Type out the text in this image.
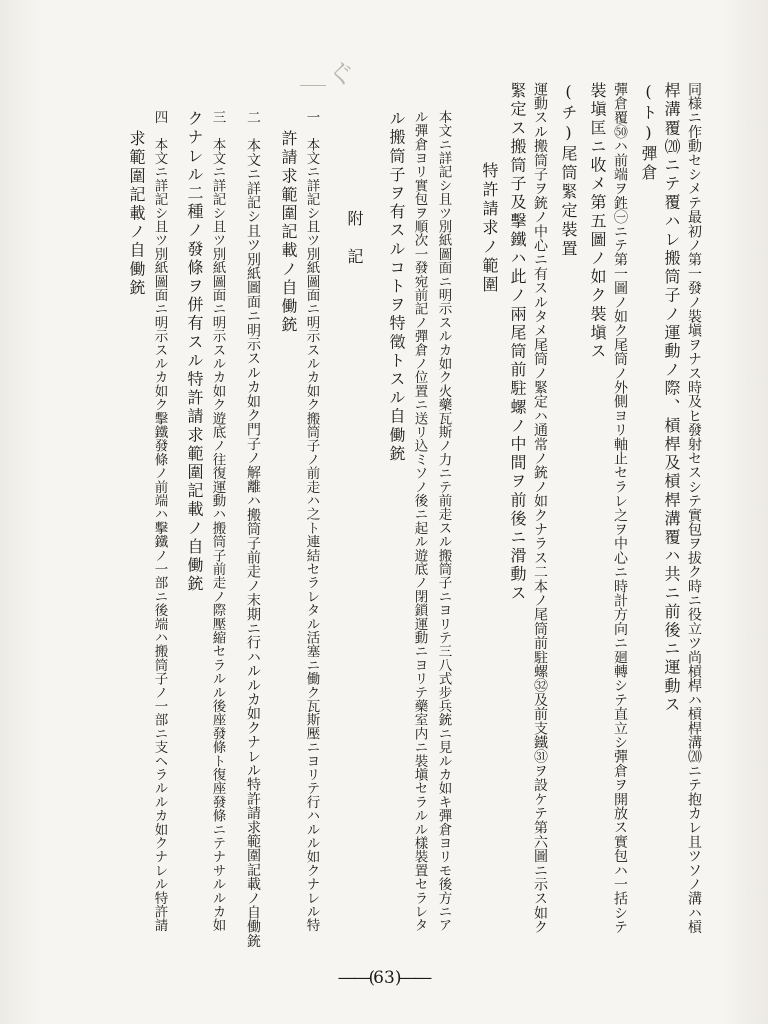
＿ぐ
同様ニ作動セシメテ最初ノ第一發ノ裝塡ヲナス時及ヒ發射セスシテ實包ヲ拔ク時ニ役立ツ尚槓桿ハ槓桿溝⒇ニテ抱カレ且ツソノ溝ハ槓
桿溝覆⒇ニテ覆ハレ搬筒子ノ運動ノ際、槓桿及槓桿溝覆ハ共ニ前後ニ運動ス
(ト)彈倉
彈倉覆㊿ハ前端ヲ鉎㊀ニテ第一圖ノ如ク尾筒ノ外側ヨリ軸止セラレ之ヲ中心ニ時計方向ニ廻轉シテ直立シ彈倉ヲ開放ス實包ハ一括シテ
裝塡匡ニ收メ第五圖ノ如ク裝塡ス
(チ)尾筒緊定裝置
運動スル搬筒子ヲ銃ノ中心ニ有スルタメ尾筒ノ緊定ハ通常ノ銃ノ如クナラス二本ノ尾筒前駐螺㉜及前支鐵㉛ヲ設ケテ第六圖ニ示ス如ク
緊定ス搬筒子及擊鐵ハ此ノ兩尾筒前駐螺ノ中間ヲ前後ニ滑動ス
特許請求ノ範圍
本文ニ詳記シ且ツ別紙圖面ニ明示スルカ如ク火藥瓦斯ノ力ニテ前走スル搬筒子ニヨリテ三八式步兵銃ニ見ルカ如キ彈倉ヨリモ後方ニア
ル彈倉ヨリ實包ヲ順次一發宛前記ノ彈倉ノ位置ニ送リ込ミソノ後ニ起ル遊底ノ閉鎖運動ニヨリテ藥室内ニ裝塡セラルル樣裝置セラレタ
ル搬筒子ヲ有スルコトヲ特徵トスル自働銃
附　記
一　本文ニ詳記シ且ツ別紙圖面ニ明示スルカ如ク搬筒子ノ前走ハ之ト連結セラレタル活塞ニ働ク瓦斯壓ニヨリテ行ハルル如クナレル特
許請求範圍記載ノ自働銃
二　本文ニ詳記シ且ツ別紙圖面ニ明示スルカ如ク門子ノ解離ハ搬筒子前走ノ末期ニ行ハルルカ如クナレル特許請求範圍記載ノ自働銃
三　本文ニ詳記シ且ツ別紙圖面ニ明示スルカ如ク遊底ノ往復運動ハ搬筒子前走ノ際壓縮セラルル後座發條ト復座發條ニテナサルルカ如
クナレル二種ノ發條ヲ併有スル特許請求範圍記載ノ自働銃
四　本文ニ詳記シ且ツ別紙圖面ニ明示スルカ如ク擊鐵發條ノ前端ハ擊鐵ノ一部ニ後端ハ搬筒子ノ一部ニ支ヘラルルカ如クナレル特許請
求範圍記載ノ自働銃
――(63)――
